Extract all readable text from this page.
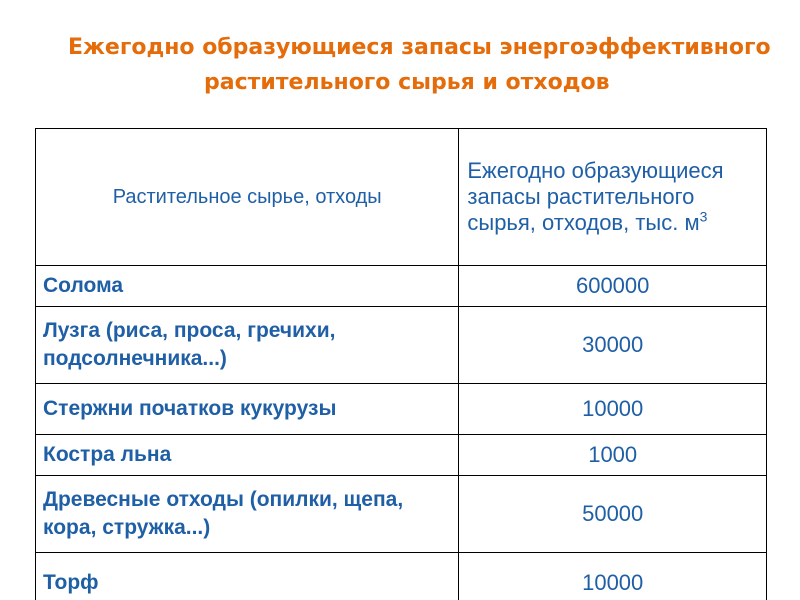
Ежегодно образующиеся запасы энергоэффективного
растительного сырья и отходов
Растительное сырье, отходы	Ежегодно образующиеся запасы растительного сырья, отходов, тыс. $м^3$
Солома	600000
Лузга (риса, проса, гречихи, подсолнечника...)	30000
Стержни початков кукурузы	10000
Костра льна	1000
Древесные отходы (опилки, щепа, кора, стружка...)	50000
Торф	10000
